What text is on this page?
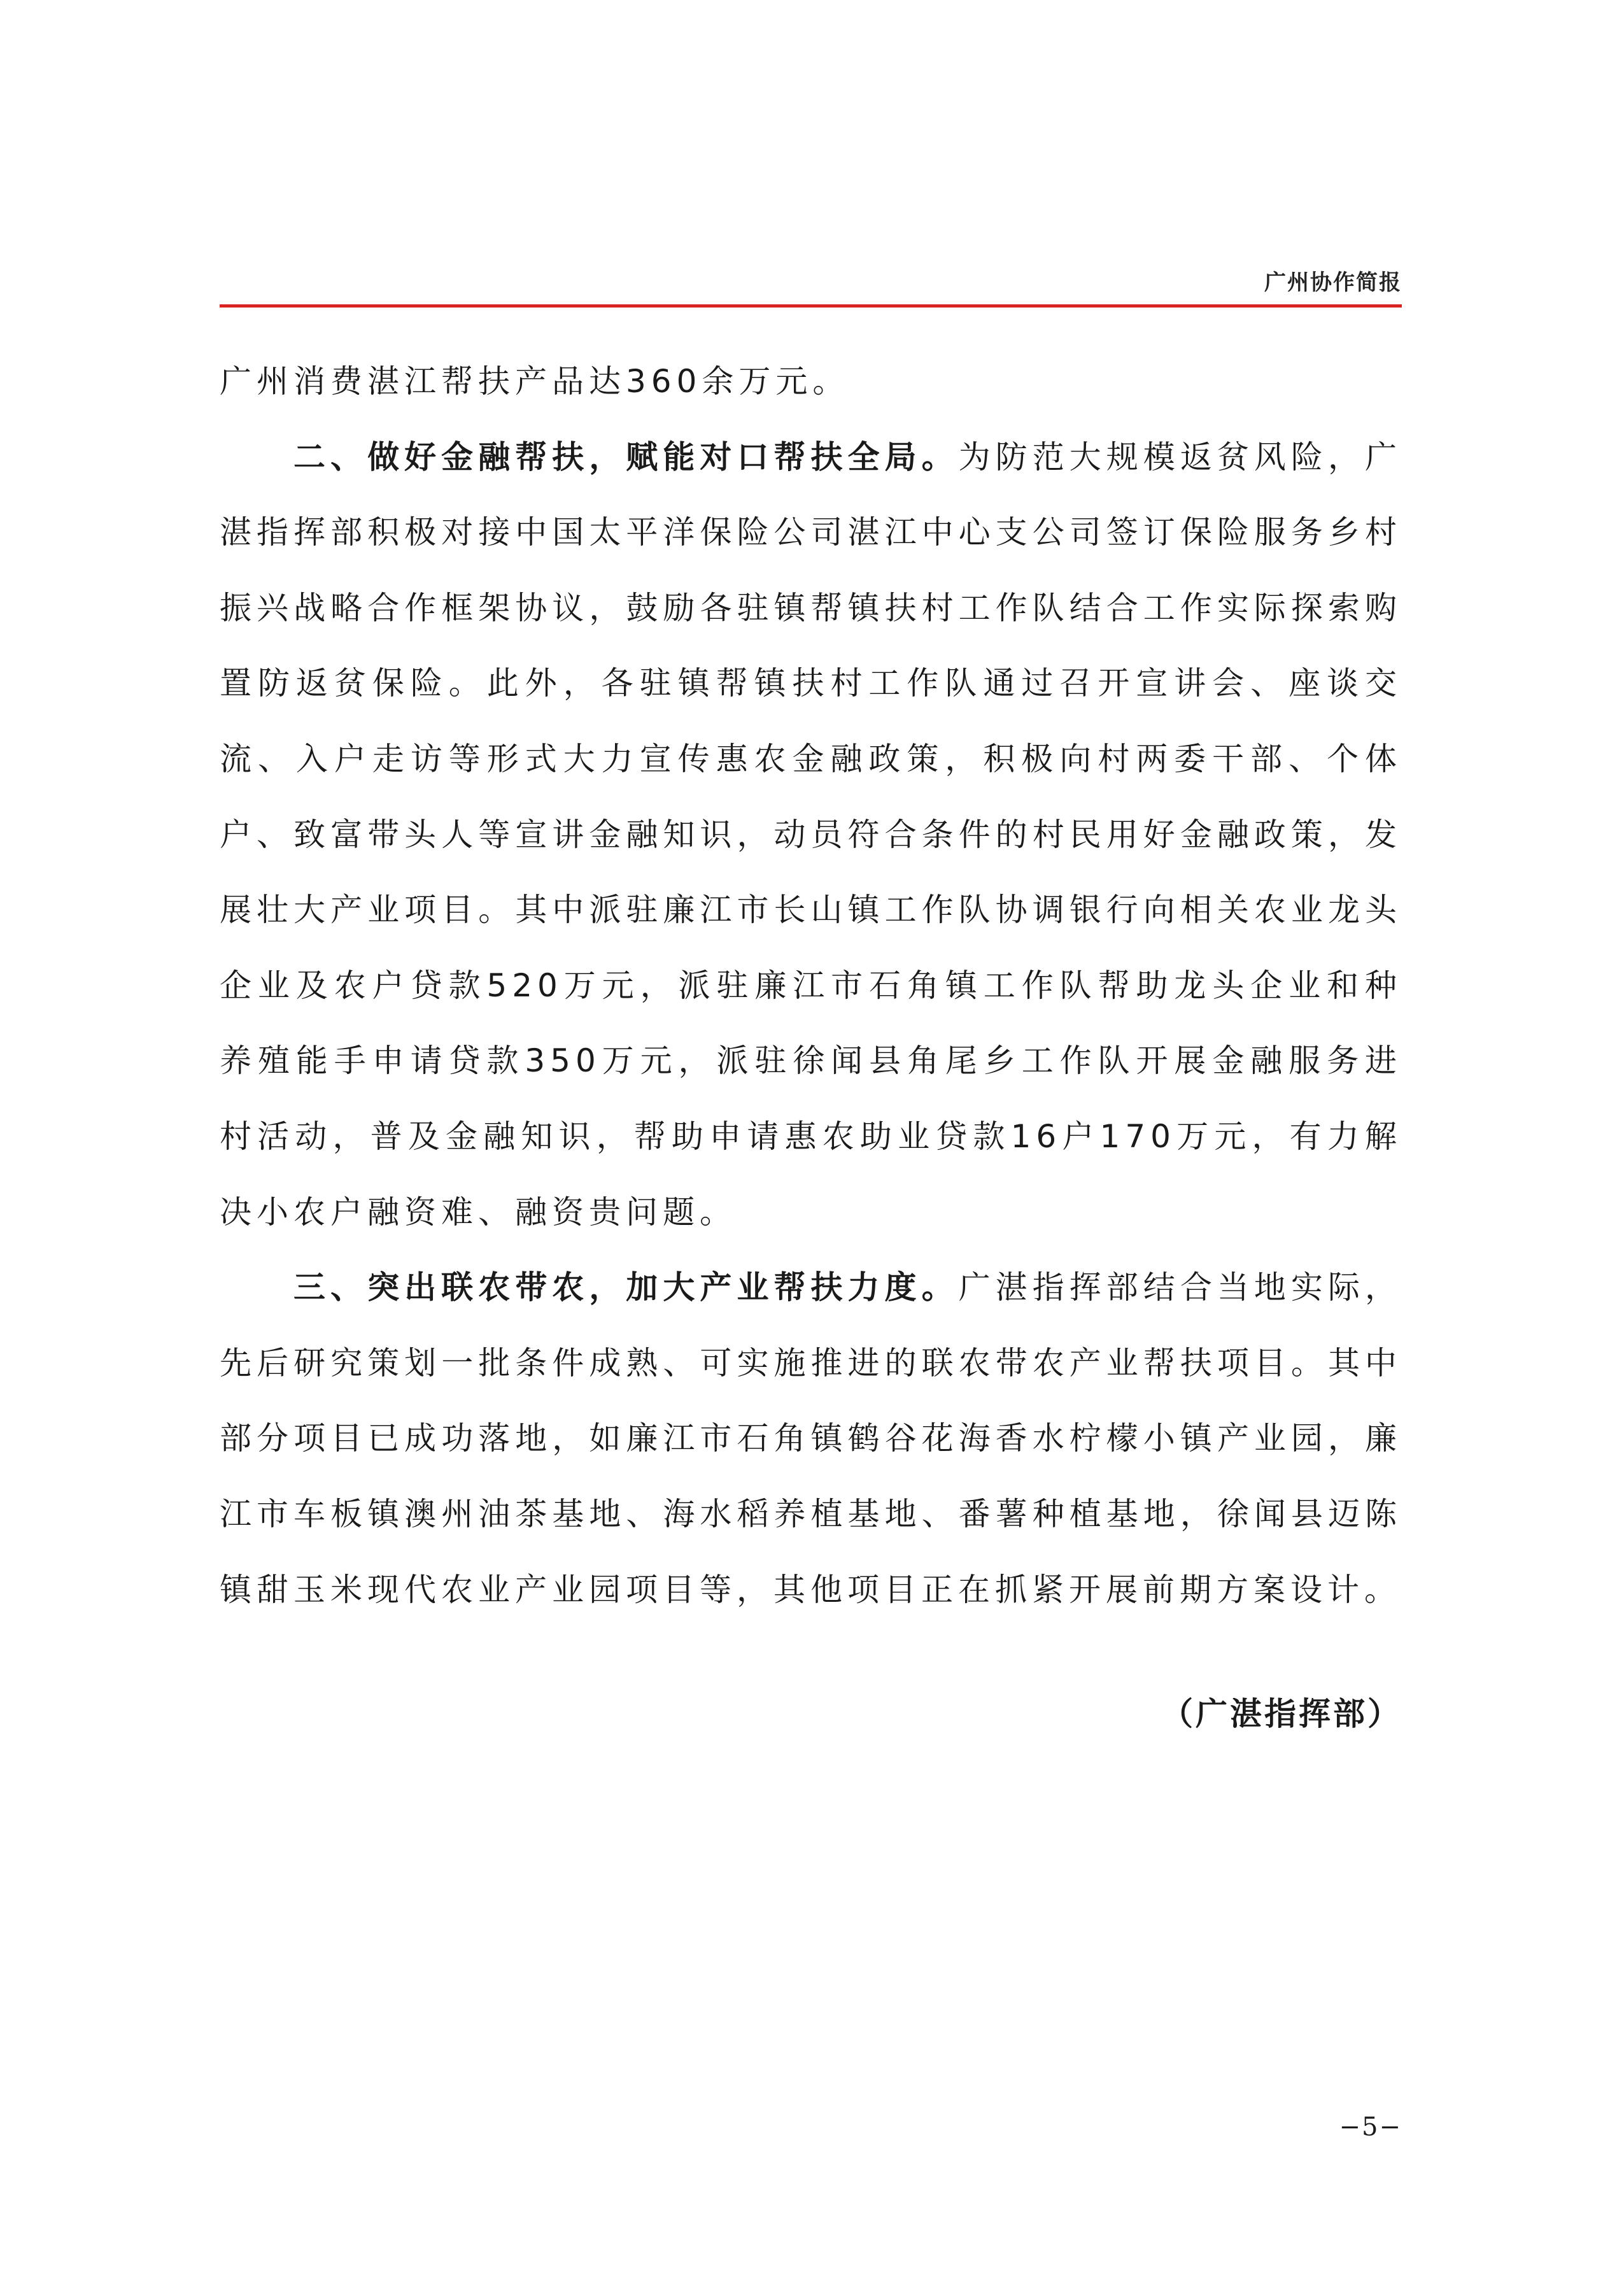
广州协作简报

广州消费湛江帮扶产品达360余万元。

二、做好金融帮扶，赋能对口帮扶全局。为防范大规模返贫风险，广湛指挥部积极对接中国太平洋保险公司湛江中心支公司签订保险服务乡村振兴战略合作框架协议，鼓励各驻镇帮镇扶村工作队结合工作实际探索购置防返贫保险。此外，各驻镇帮镇扶村工作队通过召开宣讲会、座谈交流、入户走访等形式大力宣传惠农金融政策，积极向村两委干部、个体户、致富带头人等宣讲金融知识，动员符合条件的村民用好金融政策，发展壮大产业项目。其中派驻廉江市长山镇工作队协调银行向相关农业龙头企业及农户贷款520万元，派驻廉江市石角镇工作队帮助龙头企业和种养殖能手申请贷款350万元，派驻徐闻县角尾乡工作队开展金融服务进村活动，普及金融知识，帮助申请惠农助业贷款16户170万元，有力解决小农户融资难、融资贵问题。

三、突出联农带农，加大产业帮扶力度。广湛指挥部结合当地实际，先后研究策划一批条件成熟、可实施推进的联农带农产业帮扶项目。其中部分项目已成功落地，如廉江市石角镇鹤谷花海香水柠檬小镇产业园，廉江市车板镇澳州油茶基地、海水稻养植基地、番薯种植基地，徐闻县迈陈镇甜玉米现代农业产业园项目等，其他项目正在抓紧开展前期方案设计。

（广湛指挥部）
−5−
